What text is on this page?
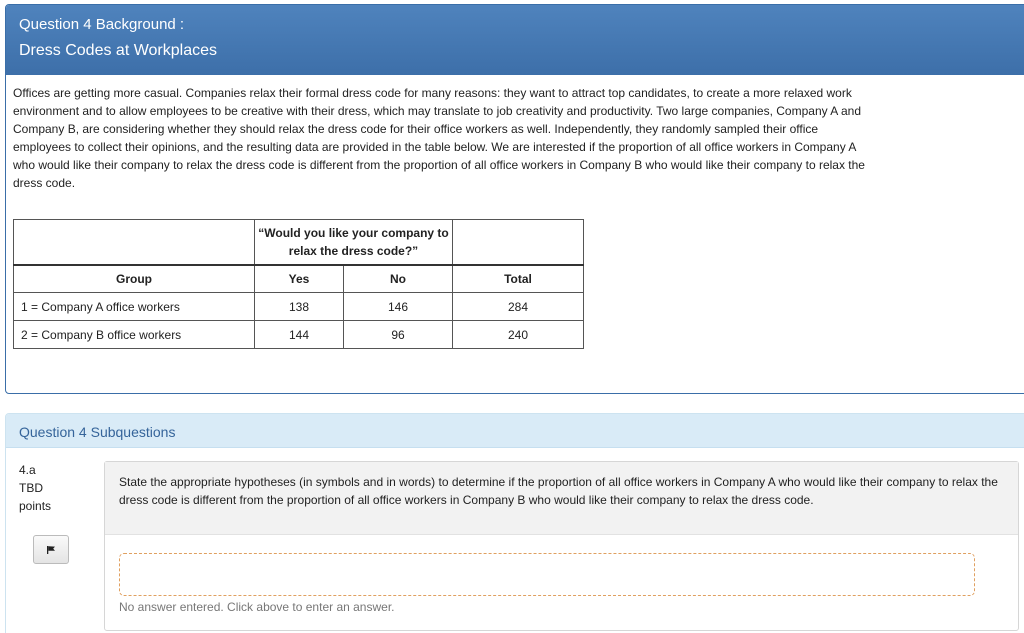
Question 4 Background :
Dress Codes at Workplaces
Offices are getting more casual. Companies relax their formal dress code for many reasons: they want to attract top candidates, to create a more relaxed work environment and to allow employees to be creative with their dress, which may translate to job creativity and productivity. Two large companies, Company A and Company B, are considering whether they should relax the dress code for their office workers as well. Independently, they randomly sampled their office employees to collect their opinions, and the resulting data are provided in the table below. We are interested if the proportion of all office workers in Company A who would like their company to relax the dress code is different from the proportion of all office workers in Company B who would like their company to relax the dress code.
	“Would you like your company to relax the dress code?”		
Group	Yes	No	Total
1 = Company A office workers	138	146	284
2 = Company B office workers	144	96	240
Question 4 Subquestions
4.a
TBD
points
State the appropriate hypotheses (in symbols and in words) to determine if the proportion of all office workers in Company A who would like their company to relax the dress code is different from the proportion of all office workers in Company B who would like their company to relax the dress code.
No answer entered. Click above to enter an answer.
